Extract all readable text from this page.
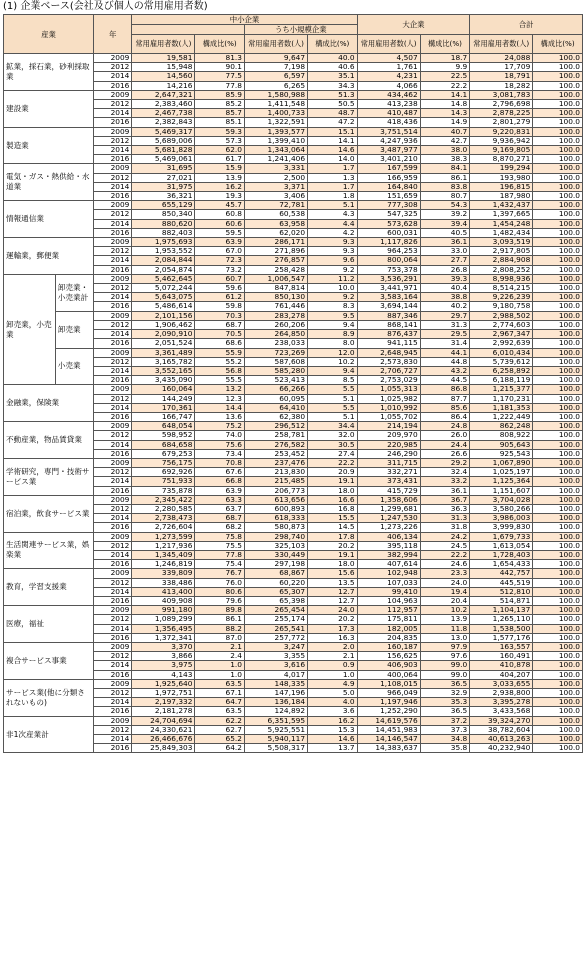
(1) 企業ベース(会社及び個人の常用雇用者数)
産業		年	中小企業				大企業		合計	
					うち小規模企業					
			常用雇用者数(人)	構成比(%)	常用雇用者数(人)	構成比(%)	常用雇用者数(人)	構成比(%)	常用雇用者数(人)	構成比(%)
鉱業，採石業，砂利採取業		2009	19,581	81.3	9,647	40.0	4,507	18.7	24,088	100.0
		2012	15,948	90.1	7,198	40.6	1,761	9.9	17,709	100.0
		2014	14,560	77.5	6,597	35.1	4,231	22.5	18,791	100.0
		2016	14,216	77.8	6,265	34.3	4,066	22.2	18,282	100.0
建設業		2009	2,647,321	85.9	1,580,988	51.3	434,462	14.1	3,081,783	100.0
		2012	2,383,460	85.2	1,411,548	50.5	413,238	14.8	2,796,698	100.0
		2014	2,467,738	85.7	1,400,733	48.7	410,487	14.3	2,878,225	100.0
		2016	2,382,843	85.1	1,322,591	47.2	418,436	14.9	2,801,279	100.0
製造業		2009	5,469,317	59.3	1,393,577	15.1	3,751,514	40.7	9,220,831	100.0
		2012	5,689,006	57.3	1,399,410	14.1	4,247,936	42.7	9,936,942	100.0
		2014	5,681,828	62.0	1,343,064	14.6	3,487,977	38.0	9,169,805	100.0
		2016	5,469,061	61.7	1,241,406	14.0	3,401,210	38.3	8,870,271	100.0
電気・ガス・熱供給・水道業		2009	31,695	15.9	3,331	1.7	167,599	84.1	199,294	100.0
		2012	27,021	13.9	2,500	1.3	166,959	86.1	193,980	100.0
		2014	31,975	16.2	3,371	1.7	164,840	83.8	196,815	100.0
		2016	36,321	19.3	3,406	1.8	151,659	80.7	187,980	100.0
情報通信業		2009	655,129	45.7	72,781	5.1	777,308	54.3	1,432,437	100.0
		2012	850,340	60.8	60,538	4.3	547,325	39.2	1,397,665	100.0
		2014	880,620	60.6	63,958	4.4	573,628	39.4	1,454,248	100.0
		2016	882,403	59.5	62,020	4.2	600,031	40.5	1,482,434	100.0
運輸業，郵便業		2009	1,975,693	63.9	286,171	9.3	1,117,826	36.1	3,093,519	100.0
		2012	1,953,552	67.0	271,896	9.3	964,253	33.0	2,917,805	100.0
		2014	2,084,844	72.3	276,857	9.6	800,064	27.7	2,884,908	100.0
		2016	2,054,874	73.2	258,428	9.2	753,378	26.8	2,808,252	100.0
卸売業，小売業	卸売業・小売業計	2009	5,462,645	60.7	1,006,547	11.2	3,536,291	39.3	8,998,936	100.0
		2012	5,072,244	59.6	847,814	10.0	3,441,971	40.4	8,514,215	100.0
		2014	5,643,075	61.2	850,130	9.2	3,583,164	38.8	9,226,239	100.0
		2016	5,486,614	59.8	761,446	8.3	3,694,144	40.2	9,180,758	100.0
	卸売業	2009	2,101,156	70.3	283,278	9.5	887,346	29.7	2,988,502	100.0
		2012	1,906,462	68.7	260,206	9.4	868,141	31.3	2,774,603	100.0
		2014	2,090,910	70.5	264,850	8.9	876,437	29.5	2,967,347	100.0
		2016	2,051,524	68.6	238,033	8.0	941,115	31.4	2,992,639	100.0
	小売業	2009	3,361,489	55.9	723,269	12.0	2,648,945	44.1	6,010,434	100.0
		2012	3,165,782	55.2	587,608	10.2	2,573,830	44.8	5,739,612	100.0
		2014	3,552,165	56.8	585,280	9.4	2,706,727	43.2	6,258,892	100.0
		2016	3,435,090	55.5	523,413	8.5	2,753,029	44.5	6,188,119	100.0
金融業，保険業		2009	160,064	13.2	66,266	5.5	1,055,313	86.8	1,215,377	100.0
		2012	144,249	12.3	60,095	5.1	1,025,982	87.7	1,170,231	100.0
		2014	170,361	14.4	64,410	5.5	1,010,992	85.6	1,181,353	100.0
		2016	166,747	13.6	62,380	5.1	1,055,702	86.4	1,222,449	100.0
不動産業，物品賃貸業		2009	648,054	75.2	296,512	34.4	214,194	24.8	862,248	100.0
		2012	598,952	74.0	258,781	32.0	209,970	26.0	808,922	100.0
		2014	684,658	75.6	276,582	30.5	220,985	24.4	905,643	100.0
		2016	679,253	73.4	253,452	27.4	246,290	26.6	925,543	100.0
学術研究，専門・技術サービス業		2009	756,175	70.8	237,476	22.2	311,715	29.2	1,067,890	100.0
		2012	692,926	67.6	213,830	20.9	332,271	32.4	1,025,197	100.0
		2014	751,933	66.8	215,485	19.1	373,431	33.2	1,125,364	100.0
		2016	735,878	63.9	206,773	18.0	415,729	36.1	1,151,607	100.0
宿泊業，飲食サービス業		2009	2,345,422	63.3	613,656	16.6	1,358,606	36.7	3,704,028	100.0
		2012	2,280,585	63.7	600,893	16.8	1,299,681	36.3	3,580,266	100.0
		2014	2,738,473	68.7	618,333	15.5	1,247,530	31.3	3,986,003	100.0
		2016	2,726,604	68.2	580,873	14.5	1,273,226	31.8	3,999,830	100.0
生活関連サービス業，娯楽業		2009	1,273,599	75.8	298,740	17.8	406,134	24.2	1,679,733	100.0
		2012	1,217,936	75.5	325,103	20.2	395,118	24.5	1,613,054	100.0
		2014	1,345,409	77.8	330,449	19.1	382,994	22.2	1,728,403	100.0
		2016	1,246,819	75.4	297,198	18.0	407,614	24.6	1,654,433	100.0
教育，学習支援業		2009	339,809	76.7	68,867	15.6	102,948	23.3	442,757	100.0
		2012	338,486	76.0	60,220	13.5	107,033	24.0	445,519	100.0
		2014	413,400	80.6	65,307	12.7	99,410	19.4	512,810	100.0
		2016	409,908	79.6	65,398	12.7	104,963	20.4	514,871	100.0
医療，福祉		2009	991,180	89.8	265,454	24.0	112,957	10.2	1,104,137	100.0
		2012	1,089,299	86.1	255,174	20.2	175,811	13.9	1,265,110	100.0
		2014	1,356,495	88.2	265,541	17.3	182,005	11.8	1,538,500	100.0
		2016	1,372,341	87.0	257,772	16.3	204,835	13.0	1,577,176	100.0
複合サービス事業		2009	3,370	2.1	3,247	2.0	160,187	97.9	163,557	100.0
		2012	3,866	2.4	3,355	2.1	156,625	97.6	160,491	100.0
		2014	3,975	1.0	3,616	0.9	406,903	99.0	410,878	100.0
		2016	4,143	1.0	4,017	1.0	400,064	99.0	404,207	100.0
サービス業(他に分類されないもの)		2009	1,925,640	63.5	148,335	4.9	1,108,015	36.5	3,033,655	100.0
		2012	1,972,751	67.1	147,196	5.0	966,049	32.9	2,938,800	100.0
		2014	2,197,332	64.7	136,184	4.0	1,197,946	35.3	3,395,278	100.0
		2016	2,181,278	63.5	124,892	3.6	1,252,290	36.5	3,433,568	100.0
非1次産業計		2009	24,704,694	62.2	6,351,595	16.2	14,619,576	37.2	39,324,270	100.0
		2012	24,330,621	62.7	5,925,551	15.3	14,451,983	37.3	38,782,604	100.0
		2014	26,466,676	65.2	5,940,117	14.6	14,146,547	34.8	40,613,263	100.0
		2016	25,849,303	64.2	5,508,317	13.7	14,383,637	35.8	40,232,940	100.0
